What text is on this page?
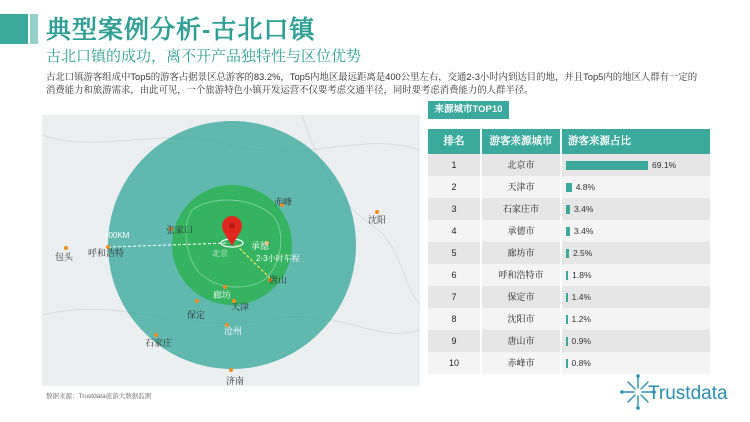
典型案例分析-古北口镇
古北口镇的成功，离不开产品独特性与区位优势
古北口镇游客组成中Top5的游客占据景区总游客的83.2%，Top5内地区最远距离是400公里左右，交通2-3小时内到达目的地，并且Top5内的地区人群有一定的消费能力和旅游需求，由此可见，一个旅游特色小镇开发运营不仅要考虑交通半径，同时要考虑消费能力的人群半径。
赤峰
沈阳
张家口
包头 呼和浩特
400KM
承德
北京
2-3小时车程
唐山
廊坊
天津
保定
沧州
石家庄
济南
数据来源：Trustdata旅游大数据监测
来源城市TOP10
排名	游客来源城市	游客来源占比
1	北京市	69.1%
2	天津市	4.8%
3	石家庄市	3.4%
4	承德市	3.4%
5	廊坊市	2.5%
6	呼和浩特市	1.8%
7	保定市	1.4%
8	沈阳市	1.2%
9	唐山市	0.9%
10	赤峰市	0.8%
Trustdata
